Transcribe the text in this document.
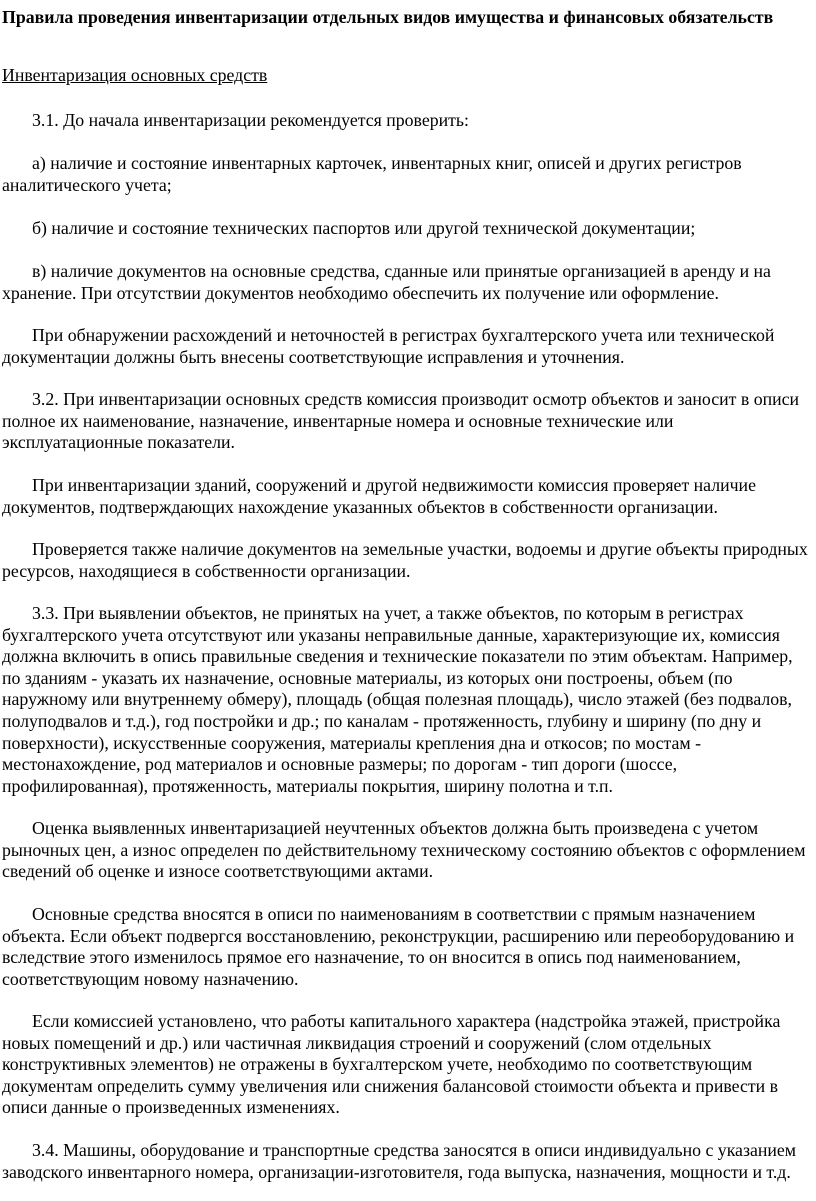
Правила проведения инвентаризации отдельных видов имущества и финансовых обязательств

Инвентаризация основных средств

3.1. До начала инвентаризации рекомендуется проверить:

а) наличие и состояние инвентарных карточек, инвентарных книг, описей и других регистров аналитического учета;

б) наличие и состояние технических паспортов или другой технической документации;

в) наличие документов на основные средства, сданные или принятые организацией в аренду и на хранение. При отсутствии документов необходимо обеспечить их получение или оформление.

При обнаружении расхождений и неточностей в регистрах бухгалтерского учета или технической документации должны быть внесены соответствующие исправления и уточнения.

3.2. При инвентаризации основных средств комиссия производит осмотр объектов и заносит в описи полное их наименование, назначение, инвентарные номера и основные технические или эксплуатационные показатели.

При инвентаризации зданий, сооружений и другой недвижимости комиссия проверяет наличие документов, подтверждающих нахождение указанных объектов в собственности организации.

Проверяется также наличие документов на земельные участки, водоемы и другие объекты природных ресурсов, находящиеся в собственности организации.

3.3. При выявлении объектов, не принятых на учет, а также объектов, по которым в регистрах бухгалтерского учета отсутствуют или указаны неправильные данные, характеризующие их, комиссия должна включить в опись правильные сведения и технические показатели по этим объектам. Например, по зданиям - указать их назначение, основные материалы, из которых они построены, объем (по наружному или внутреннему обмеру), площадь (общая полезная площадь), число этажей (без подвалов, полуподвалов и т.д.), год постройки и др.; по каналам - протяженность, глубину и ширину (по дну и поверхности), искусственные сооружения, материалы крепления дна и откосов; по мостам - местонахождение, род материалов и основные размеры; по дорогам - тип дороги (шоссе, профилированная), протяженность, материалы покрытия, ширину полотна и т.п.

Оценка выявленных инвентаризацией неучтенных объектов должна быть произведена с учетом рыночных цен, а износ определен по действительному техническому состоянию объектов с оформлением сведений об оценке и износе соответствующими актами.

Основные средства вносятся в описи по наименованиям в соответствии с прямым назначением объекта. Если объект подвергся восстановлению, реконструкции, расширению или переоборудованию и вследствие этого изменилось прямое его назначение, то он вносится в опись под наименованием, соответствующим новому назначению.

Если комиссией установлено, что работы капитального характера (надстройка этажей, пристройка новых помещений и др.) или частичная ликвидация строений и сооружений (слом отдельных конструктивных элементов) не отражены в бухгалтерском учете, необходимо по соответствующим документам определить сумму увеличения или снижения балансовой стоимости объекта и привести в описи данные о произведенных изменениях.

3.4. Машины, оборудование и транспортные средства заносятся в описи индивидуально с указанием заводского инвентарного номера, организации-изготовителя, года выпуска, назначения, мощности и т.д.
